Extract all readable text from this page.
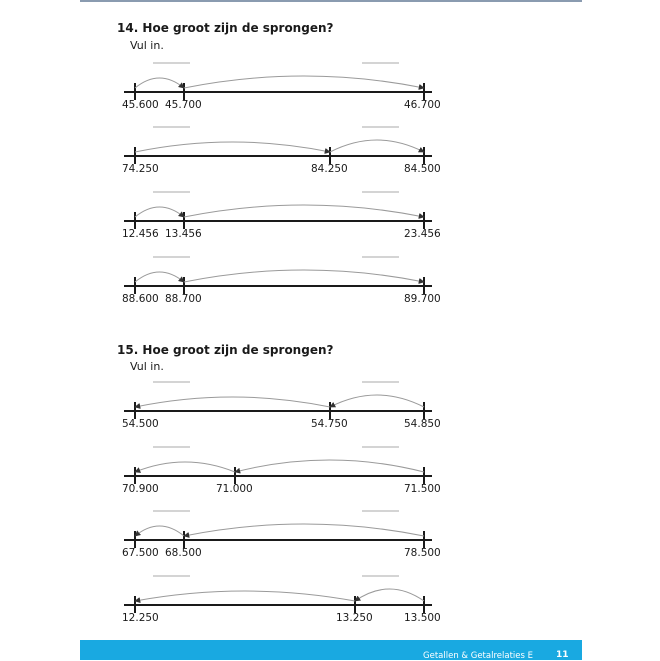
14. Hoe groot zijn de sprongen?
Vul in.
15. Hoe groot zijn de sprongen?
Vul in.
45.600 45.700	46.700
74.250	84.250	84.500
12.456 13.456	23.456
88.600 88.700	89.700
54.500	54.750	54.850
70.900	71.000	71.500
67.500 68.500	78.500
12.250	13.250	13.500
Getallen & Getalrelaties E	11
